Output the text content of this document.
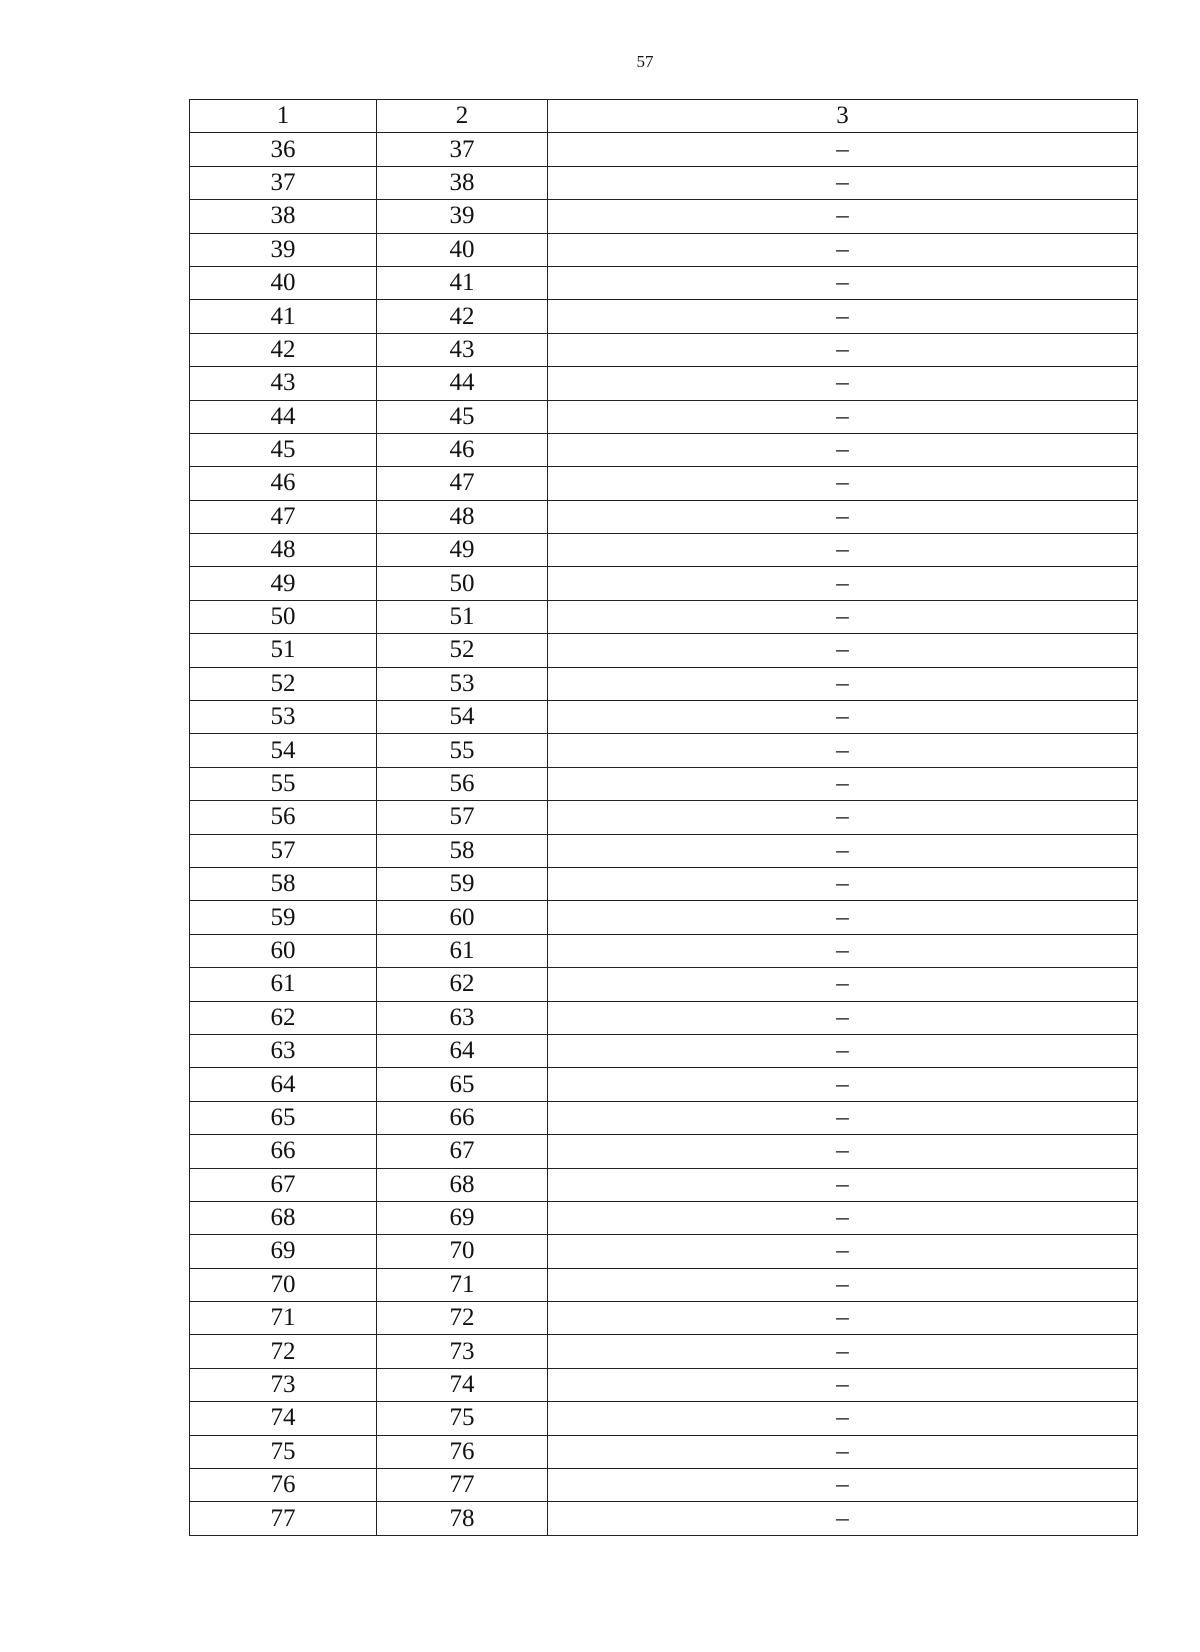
57
1	2	3
36	37	–
37	38	–
38	39	–
39	40	–
40	41	–
41	42	–
42	43	–
43	44	–
44	45	–
45	46	–
46	47	–
47	48	–
48	49	–
49	50	–
50	51	–
51	52	–
52	53	–
53	54	–
54	55	–
55	56	–
56	57	–
57	58	–
58	59	–
59	60	–
60	61	–
61	62	–
62	63	–
63	64	–
64	65	–
65	66	–
66	67	–
67	68	–
68	69	–
69	70	–
70	71	–
71	72	–
72	73	–
73	74	–
74	75	–
75	76	–
76	77	–
77	78	–
